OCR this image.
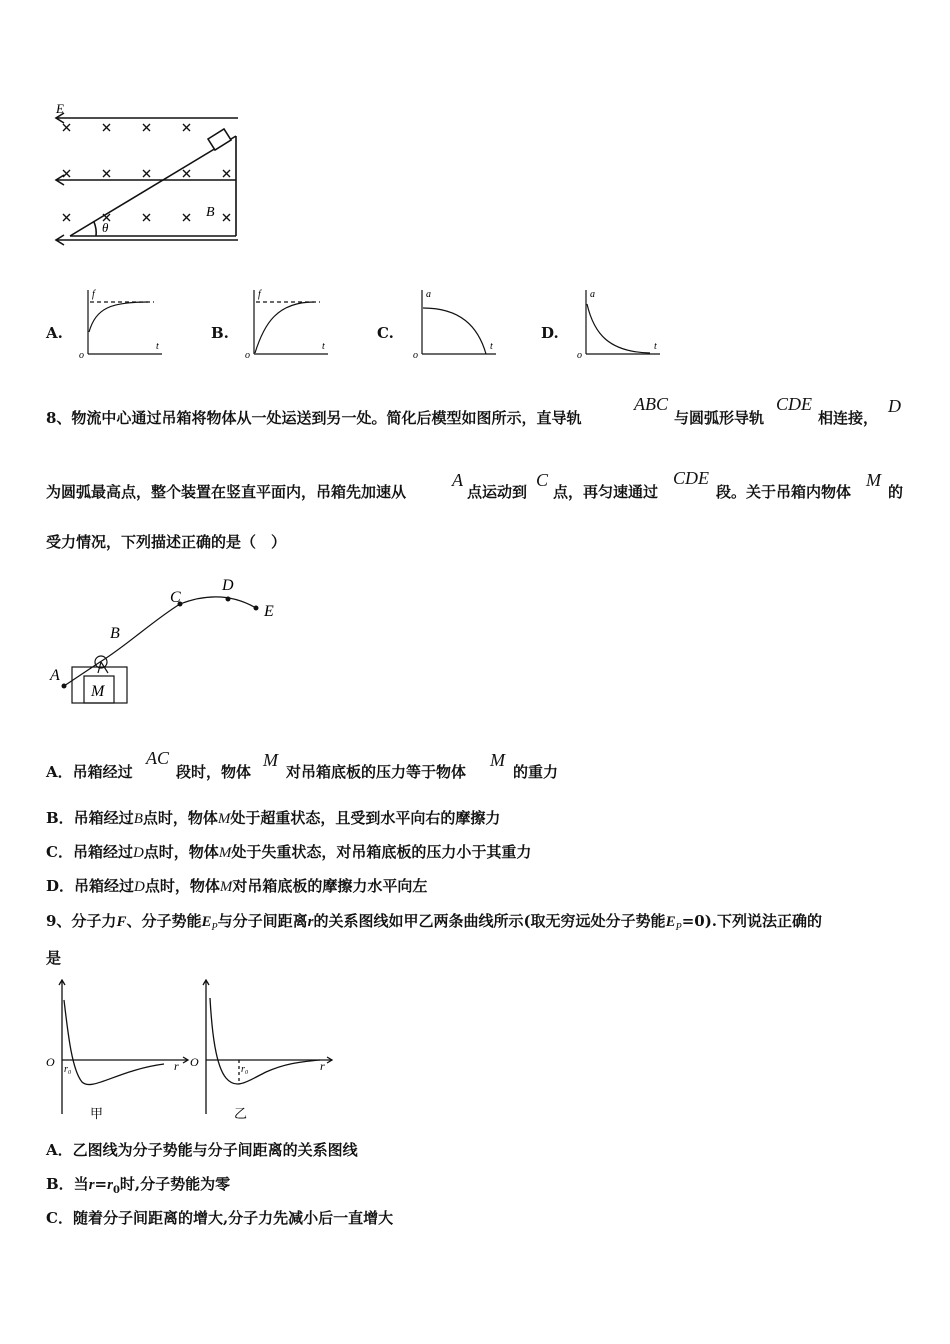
E
B
θ
A.
f
t
o
B.
f
t
o
C.
a
t
o
D.
a
t
o
8、物流中心通过吊箱将物体从一处运送到另一处。简化后模型如图所示，直导轨
ABC
与圆弧形导轨
CDE
相连接，
D
为圆弧最高点，整个装置在竖直平面内，吊箱先加速从
A
点运动到
C
点，再匀速通过
CDE
段。关于吊箱内物体
M
的
受力情况，下列描述正确的是（　）
A
B
C
D
E
M
A．吊箱经过
AC
段时，物体
M
对吊箱底板的压力等于物体
M
的重力
B．吊箱经过B点时，物体M处于超重状态，且受到水平向右的摩擦力
C．吊箱经过D点时，物体M处于失重状态，对吊箱底板的压力小于其重力
D．吊箱经过D点时，物体M对吊箱底板的摩擦力水平向左
9、分子力F、分子势能$E_P$与分子间距离r的关系图线如甲乙两条曲线所示(取无穷远处分子势能$E_P=0$).下列说法正确的
是
O
r₀	r
甲
O
r₀	r
乙
A．乙图线为分子势能与分子间距离的关系图线
B．当$r=r_0$时,分子势能为零
C．随着分子间距离的增大,分子力先减小后一直增大
